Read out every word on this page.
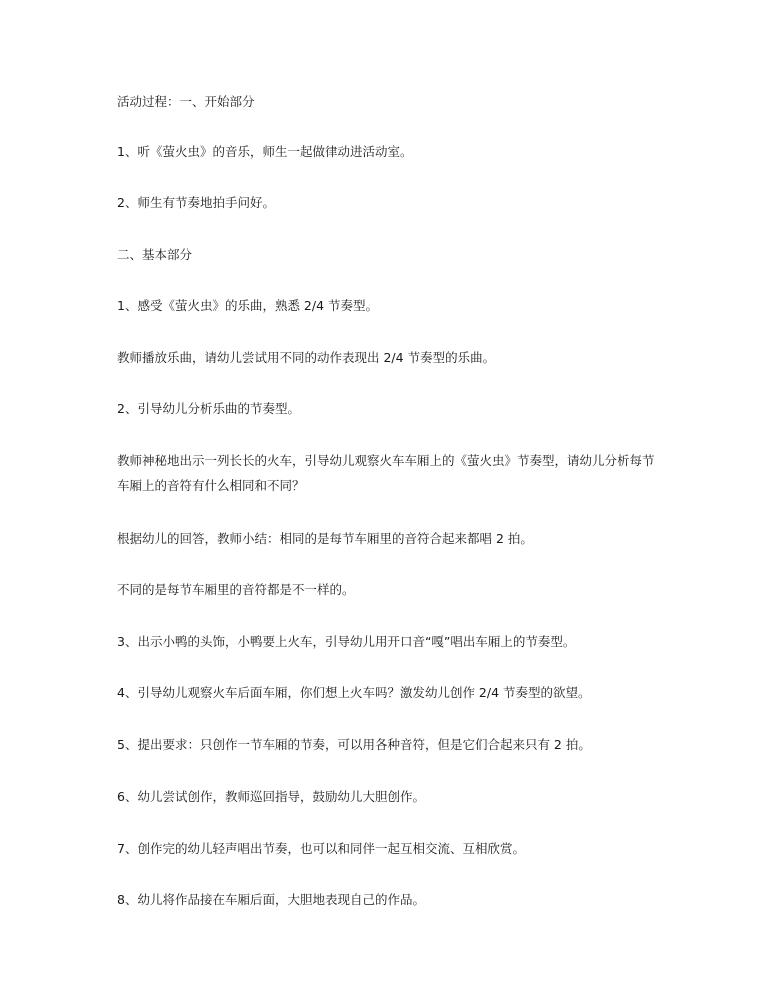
活动过程：一、开始部分

1、听《萤火虫》的音乐，师生一起做律动进活动室。

2、师生有节奏地拍手问好。

二、基本部分

1、感受《萤火虫》的乐曲，熟悉 2/4 节奏型。

教师播放乐曲，请幼儿尝试用不同的动作表现出 2/4 节奏型的乐曲。

2、引导幼儿分析乐曲的节奏型。

教师神秘地出示一列长长的火车，引导幼儿观察火车车厢上的《萤火虫》节奏型，请幼儿分析每节车厢上的音符有什么相同和不同？

根据幼儿的回答，教师小结：相同的是每节车厢里的音符合起来都唱 2 拍。

不同的是每节车厢里的音符都是不一样的。

3、出示小鸭的头饰，小鸭要上火车，引导幼儿用开口音“嘎”唱出车厢上的节奏型。

4、引导幼儿观察火车后面车厢，你们想上火车吗？激发幼儿创作 2/4 节奏型的欲望。

5、提出要求：只创作一节车厢的节奏，可以用各种音符，但是它们合起来只有 2 拍。

6、幼儿尝试创作，教师巡回指导，鼓励幼儿大胆创作。

7、创作完的幼儿轻声唱出节奏，也可以和同伴一起互相交流、互相欣赏。

8、幼儿将作品接在车厢后面，大胆地表现自己的作品。
